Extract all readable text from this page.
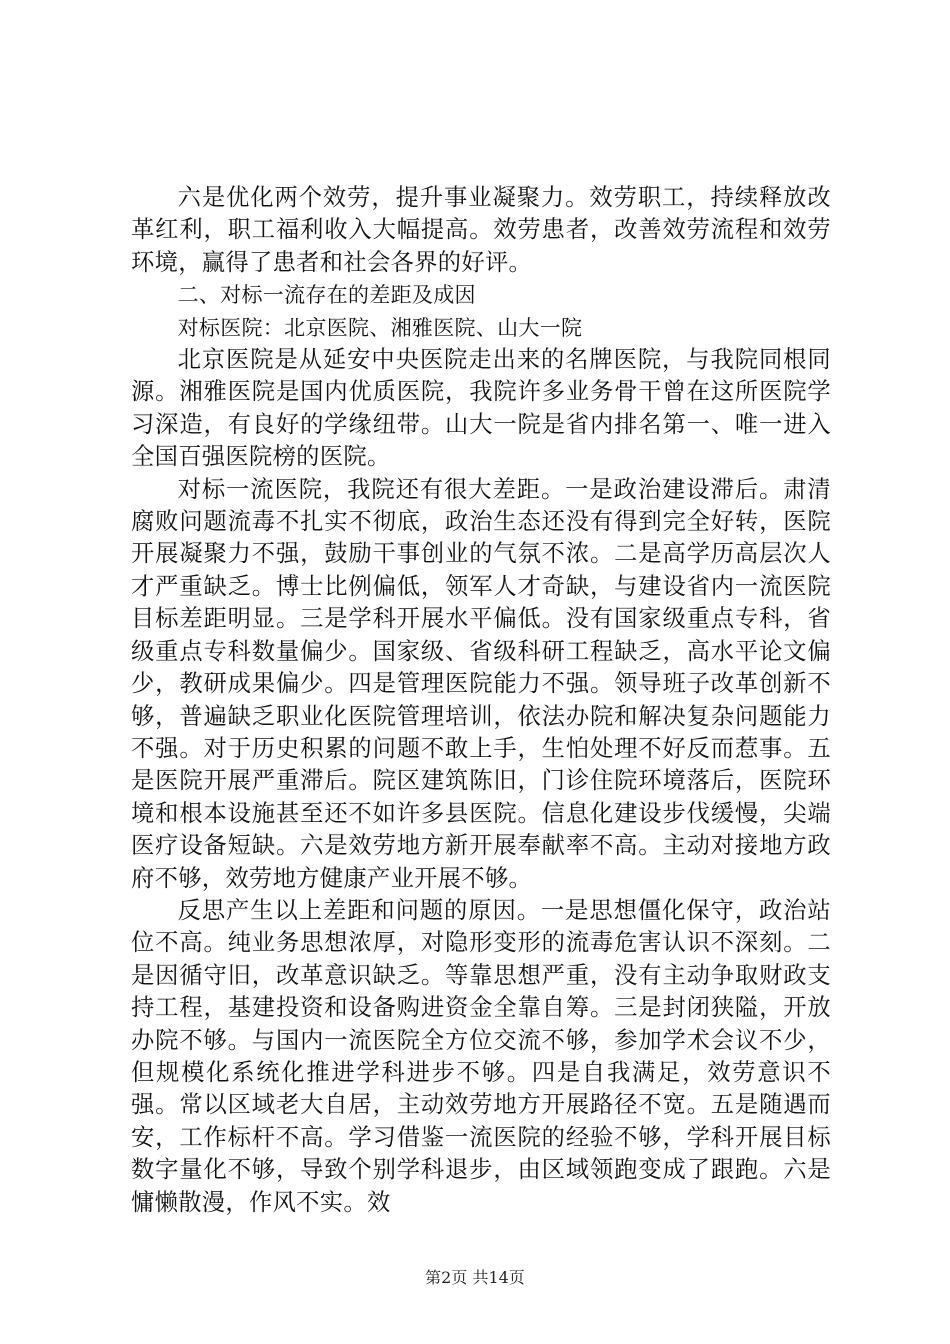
六是优化两个效劳，提升事业凝聚力。效劳职工，持续释放改革红利，职工福利收入大幅提高。效劳患者，改善效劳流程和效劳环境，赢得了患者和社会各界的好评。

二、对标一流存在的差距及成因

对标医院：北京医院、湘雅医院、山大一院

北京医院是从延安中央医院走出来的名牌医院，与我院同根同源。湘雅医院是国内优质医院，我院许多业务骨干曾在这所医院学习深造，有良好的学缘纽带。山大一院是省内排名第一、唯一进入全国百强医院榜的医院。

对标一流医院，我院还有很大差距。一是政治建设滞后。肃清腐败问题流毒不扎实不彻底，政治生态还没有得到完全好转，医院开展凝聚力不强，鼓励干事创业的气氛不浓。二是高学历高层次人才严重缺乏。博士比例偏低，领军人才奇缺，与建设省内一流医院目标差距明显。三是学科开展水平偏低。没有国家级重点专科，省级重点专科数量偏少。国家级、省级科研工程缺乏，高水平论文偏少，教研成果偏少。四是管理医院能力不强。领导班子改革创新不够，普遍缺乏职业化医院管理培训，依法办院和解决复杂问题能力不强。对于历史积累的问题不敢上手，生怕处理不好反而惹事。五是医院开展严重滞后。院区建筑陈旧，门诊住院环境落后，医院环境和根本设施甚至还不如许多县医院。信息化建设步伐缓慢，尖端医疗设备短缺。六是效劳地方新开展奉献率不高。主动对接地方政府不够，效劳地方健康产业开展不够。

反思产生以上差距和问题的原因。一是思想僵化保守，政治站位不高。纯业务思想浓厚，对隐形变形的流毒危害认识不深刻。二是因循守旧，改革意识缺乏。等靠思想严重，没有主动争取财政支持工程，基建投资和设备购进资金全靠自筹。三是封闭狭隘，开放办院不够。与国内一流医院全方位交流不够，参加学术会议不少，但规模化系统化推进学科进步不够。四是自我满足，效劳意识不强。常以区域老大自居，主动效劳地方开展路径不宽。五是随遇而安，工作标杆不高。学习借鉴一流医院的经验不够，学科开展目标数字量化不够，导致个别学科退步，由区域领跑变成了跟跑。六是慵懒散漫，作风不实。效

第2页 共14页
